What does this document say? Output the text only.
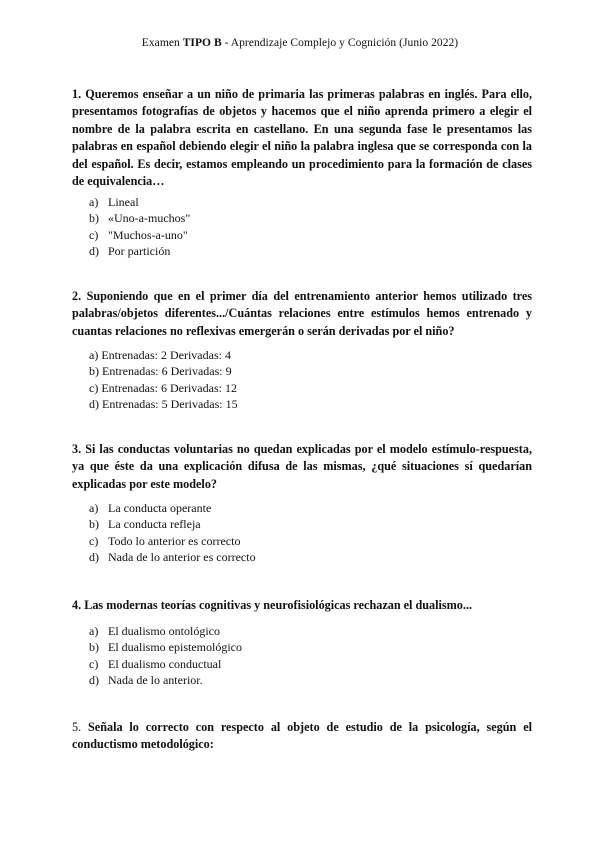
Examen TIPO B - Aprendizaje Complejo y Cognición (Junio 2022)
1. Queremos enseñar a un niño de primaria las primeras palabras en inglés. Para ello, presentamos fotografías de objetos y hacemos que el niño aprenda primero a elegir el nombre de la palabra escrita en castellano. En una segunda fase le presentamos las palabras en español debiendo elegir el niño la palabra inglesa que se corresponda con la del español. Es decir, estamos empleando un procedimiento para la formación de clases de equivalencia…
a) Lineal
b) «Uno-a-muchos"
c) "Muchos-a-uno"
d) Por partición
2. Suponiendo que en el primer día del entrenamiento anterior hemos utilizado tres palabras/objetos diferentes.../Cuántas relaciones entre estímulos hemos entrenado y cuantas relaciones no reflexivas emergerán o serán derivadas por el niño?
a) Entrenadas: 2 Derivadas: 4
b) Entrenadas: 6 Derivadas: 9
c) Entrenadas: 6 Derivadas: 12
d) Entrenadas: 5 Derivadas: 15
3. Si las conductas voluntarias no quedan explicadas por el modelo estímulo-respuesta, ya que éste da una explicación difusa de las mismas, ¿qué situaciones sí quedarían explicadas por este modelo?
a) La conducta operante
b) La conducta refleja
c) Todo lo anterior es correcto
d) Nada de lo anterior es correcto
4. Las modernas teorías cognitivas y neurofisiológicas rechazan el dualismo...
a) El dualismo ontológico
b) El dualismo epistemológico
c) El dualismo conductual
d) Nada de lo anterior.
5. Señala lo correcto con respecto al objeto de estudio de la psicología, según el conductismo metodológico:
